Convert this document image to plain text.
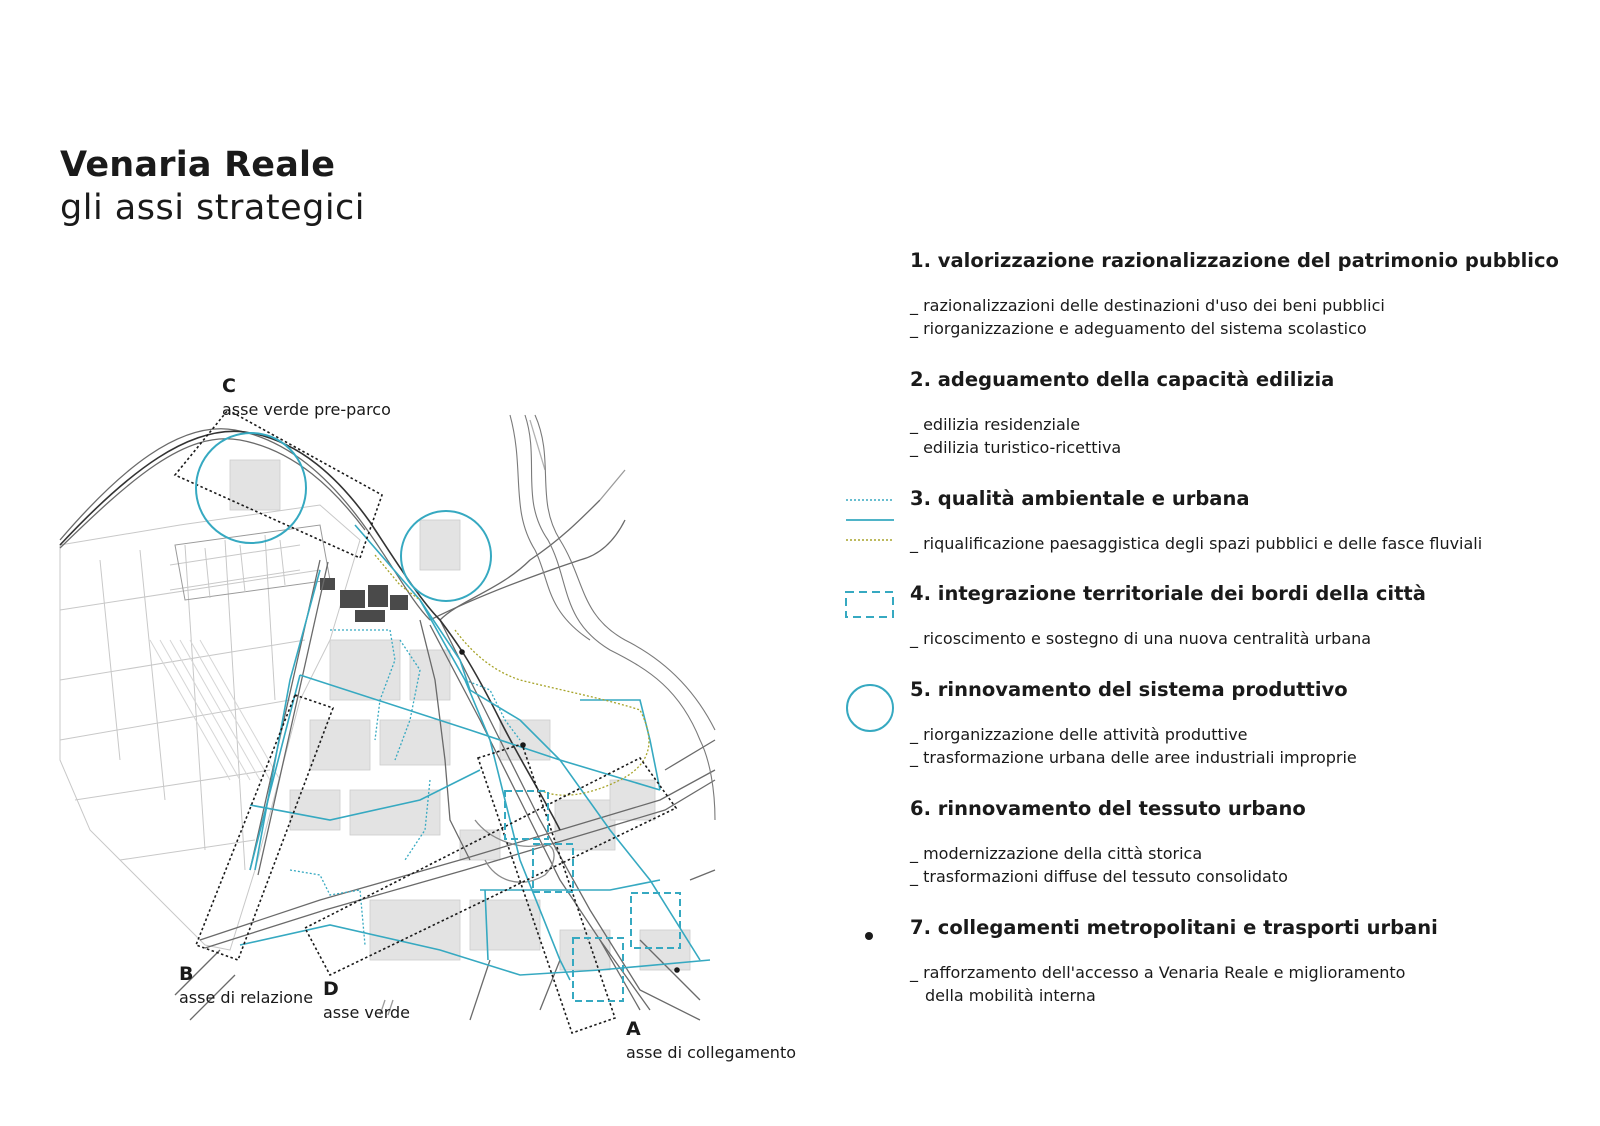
Venaria Reale
gli assi strategici
C
asse verde pre-parco
B
asse di relazione D
asse verde
A
asse di collegamento
1. valorizzazione razionalizzazione del patrimonio pubblico
_ razionalizzazioni delle destinazioni d'uso dei beni pubblici
_ riorganizzazione e adeguamento del sistema scolastico
2. adeguamento della capacità edilizia
_ edilizia residenziale
_ edilizia turistico-ricettiva
3. qualità ambientale e urbana
_ riqualificazione paesaggistica degli spazi pubblici e delle fasce fluviali
4. integrazione territoriale dei bordi della città
_ ricoscimento e sostegno di una nuova centralità urbana
5. rinnovamento del sistema produttivo
_ riorganizzazione delle attività produttive
_ trasformazione urbana delle aree industriali improprie
6. rinnovamento del tessuto urbano
_ modernizzazione della città storica
_ trasformazioni diffuse del tessuto consolidato
7. collegamenti metropolitani e trasporti urbani
_ rafforzamento dell'accesso a Venaria Reale e miglioramento
della mobilità interna
